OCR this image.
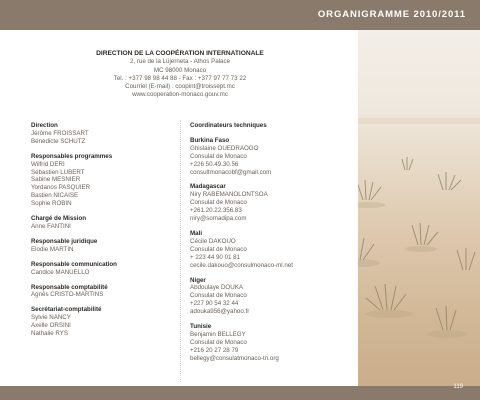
ORGANIGRAMME 2010/2011
DIRECTION DE LA COOPÉRATION INTERNATIONALE
2, rue de la Lüjerneta - Athos Palace
MC 98000 Monaco
Tel. : +377 98 98 44 88 - Fax : +377 97 77 73 22
Courriel (E-mail) : coopint@troissept.mc
www.cooperation-monaco.gouv.mc
Direction
Jérôme FROISSART
Bénédicte SCHUTZ
Responsables programmes
Wilfrid DERI
Sébastien LUBERT
Sabine MESNIER
Yordanos PASQUIER
Bastien NICAISE
Sophie ROBIN
Chargé de Mission
Anne FANTINI
Responsable juridique
Elodie MARTIN
Responsable communication
Candice MANUELLO
Responsable comptabilité
Agnès CRISTO-MARTINS
Secrétariat-comptabilité
Sylvie NANCY
Axelle ORSINI
Nathalie RYS
Coordinateurs techniques
Burkina Faso
Ghislaine OUEDRAOGO
Consulat de Monaco
+226 50.49.30.56
consultmonacobf@gmail.com
Madagascar
Niry RABEMANOLONTSOA
Consulat de Monaco
+261.20.22.356.83
niry@somadipa.com
Mali
Cécile DAKOUO
Consulat de Monaco
+ 223 44 90 01 81
cecile.dakouo@consulmonaco-ml.net
Niger
Abdoulaye DOUKA
Consulat de Monaco
+227 90 54 32 44
adouka956@yahoo.fr
Tunisie
Benjamin BELLEGY
Consulat de Monaco
+216 20 27 28 79
bellegy@consulatmonaco-tn.org
119
